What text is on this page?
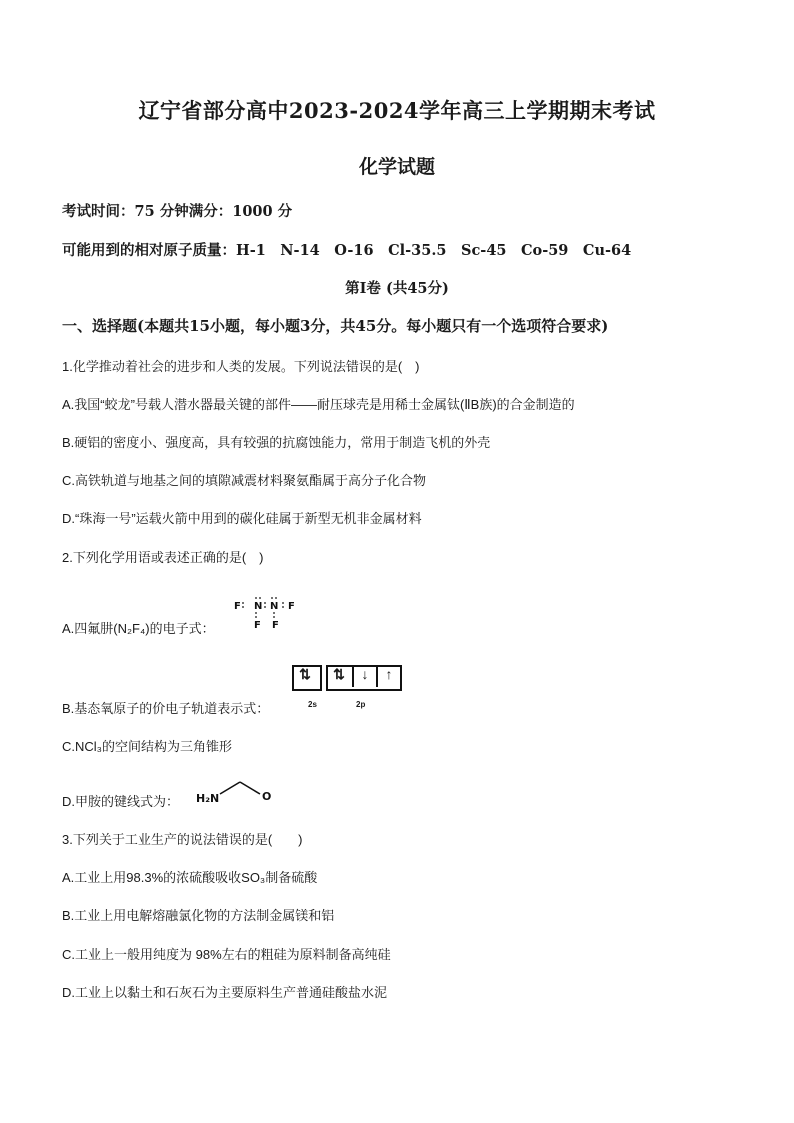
辽宁省部分高中2023-2024学年高三上学期期末考试
化学试题
考试时间：75 分钟满分：1000 分
可能用到的相对原子质量：H-1　N-14　O-16　Cl-35.5　Sc-45　Co-59　Cu-64
第Ⅰ卷 (共45分)
一、选择题(本题共15小题，每小题3分，共45分。每小题只有一个选项符合要求)
1.化学推动着社会的进步和人类的发展。下列说法错误的是(　)
A.我国“蛟龙”号载人潜水器最关键的部件——耐压球壳是用稀士金属钛(ⅡB族)的合金制造的
B.硬铝的密度小、强度高，具有较强的抗腐蚀能力，常用于制造飞机的外壳
C.高铁轨道与地基之间的填隙减震材料聚氨酯属于高分子化合物
D.“珠海一号”运载火箭中用到的碳化硅属于新型无机非金属材料
2.下列化学用语或表述正确的是(　)
A.四氟肼(N₂F₄)的电子式：
F N N F
F F
⇅	⇅	↓	↑
2s	2p
B.基态氧原子的价电子轨道表示式：
C.NCl₃的空间结构为三角锥形
H₂N	O
D.甲胺的键线式为：
3.下列关于工业生产的说法错误的是(　　)
A.工业上用98.3%的浓硫酸吸收SO₃制备硫酸
B.工业上用电解熔融氯化物的方法制金属镁和铝
C.工业上一般用纯度为 98%左右的粗硅为原料制备高纯硅
D.工业上以黏土和石灰石为主要原料生产普通硅酸盐水泥
